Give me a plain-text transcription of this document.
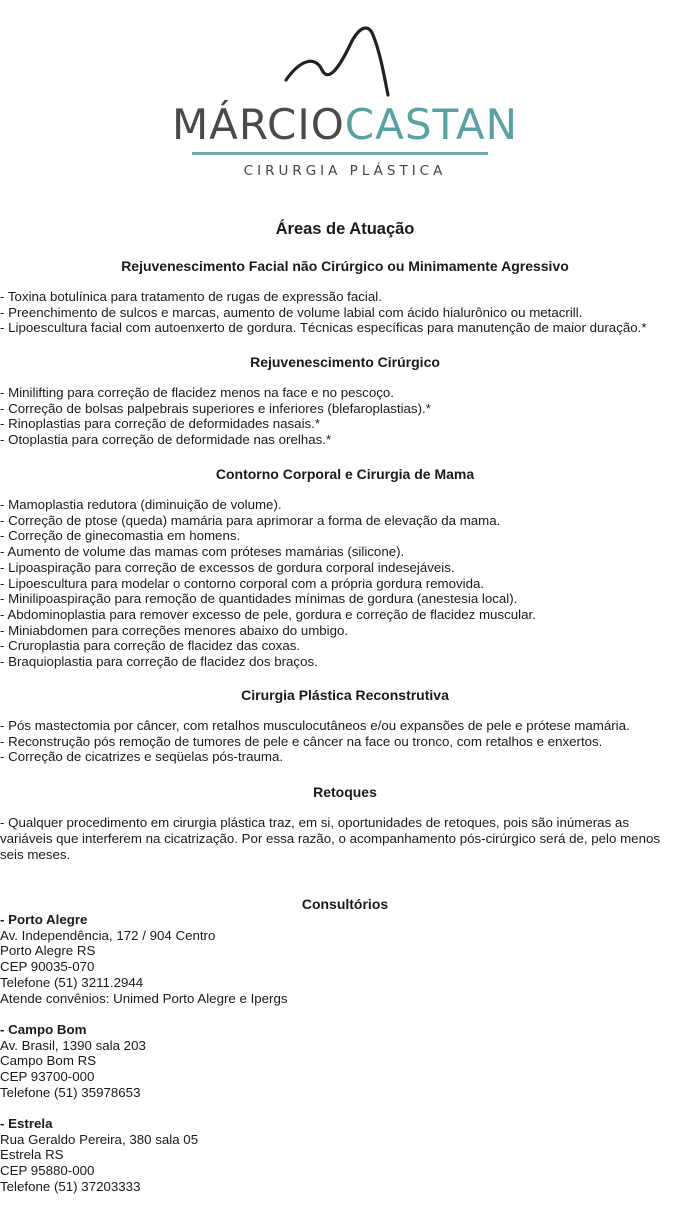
MÁRCIOCASTAN
CIRURGIA PLÁSTICA
Áreas de Atuação
Rejuvenescimento Facial não Cirúrgico ou Minimamente Agressivo
- Toxina botulínica para tratamento de rugas de expressão facial.
- Preenchimento de sulcos e marcas, aumento de volume labial com ácido hialurônico ou metacrill.
- Lipoescultura facial com autoenxerto de gordura. Técnicas específicas para manutenção de maior duração.*
Rejuvenescimento Cirúrgico
- Minilifting para correção de flacidez menos na face e no pescoço.
- Correção de bolsas palpebrais superiores e inferiores (blefaroplastias).*
- Rinoplastias para correção de deformidades nasais.*
- Otoplastia para correção de deformidade nas orelhas.*
Contorno Corporal e Cirurgia de Mama
- Mamoplastia redutora (diminuição de volume).
- Correção de ptose (queda) mamária para aprimorar a forma de elevação da mama.
- Correção de ginecomastia em homens.
- Aumento de volume das mamas com próteses mamárias (silicone).
- Lipoaspiração para correção de excessos de gordura corporal indesejáveis.
- Lipoescultura para modelar o contorno corporal com a própria gordura removida.
- Minilipoaspiração para remoção de quantidades mínimas de gordura (anestesia local).
- Abdominoplastia para remover excesso de pele, gordura e correção de flacidez muscular.
- Miniabdomen para correções menores abaixo do umbigo.
- Cruroplastia para correção de flacidez das coxas.
- Braquioplastia para correção de flacidez dos braços.
Cirurgia Plástica Reconstrutiva
- Pós mastectomia por câncer, com retalhos musculocutâneos e/ou expansões de pele e prótese mamária.
- Reconstrução pós remoção de tumores de pele e câncer na face ou tronco, com retalhos e enxertos.
- Correção de cicatrizes e seqüelas pós-trauma.
Retoques

- Qualquer procedimento em cirurgia plástica traz, em si, oportunidades de retoques, pois são inúmeras as variáveis que interferem na cicatrização. Por essa razão, o acompanhamento pós-cirúrgico será de, pelo menos seis meses.

Consultórios
- Porto Alegre
Av. Independência, 172 / 904 Centro
Porto Alegre RS
CEP 90035-070
Telefone (51) 3211.2944
Atende convênios: Unimed Porto Alegre e Ipergs
- Campo Bom
Av. Brasil, 1390 sala 203
Campo Bom RS
CEP 93700-000
Telefone (51) 35978653
- Estrela
Rua Geraldo Pereira, 380 sala 05
Estrela RS
CEP 95880-000
Telefone (51) 37203333
